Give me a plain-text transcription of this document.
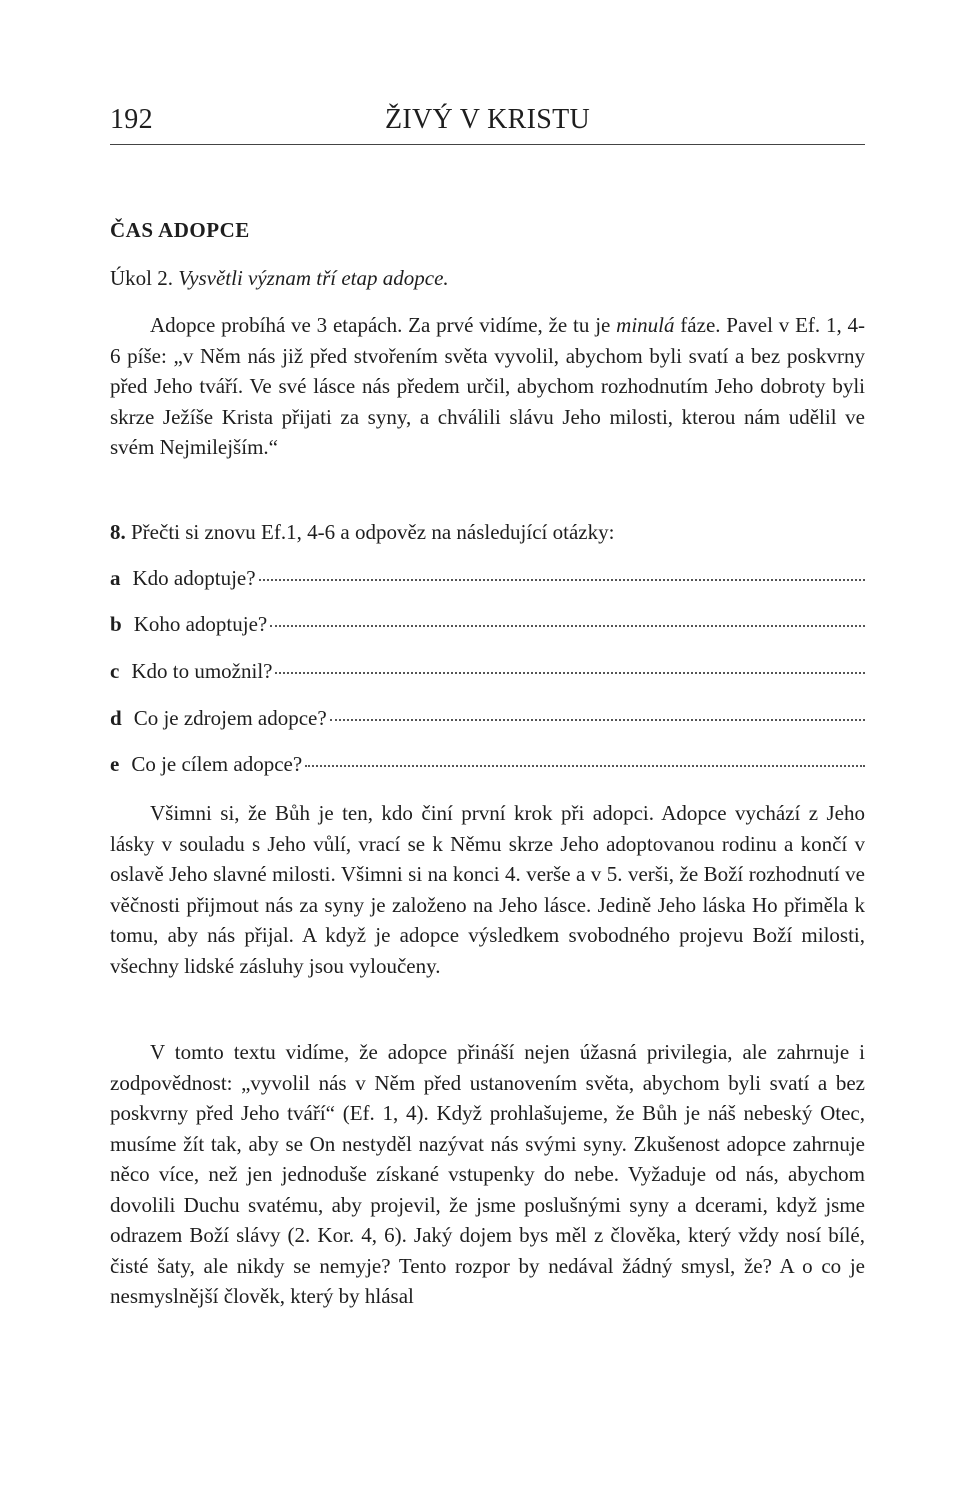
192	ŽIVÝ V KRISTU
ČAS ADOPCE
Úkol 2. Vysvětli význam tří etap adopce.

Adopce probíhá ve 3 etapách. Za prvé vidíme, že tu je minulá fáze. Pavel v Ef. 1, 4-6 píše: „v Něm nás již před stvořením světa vyvolil, abychom byli svatí a bez poskvrny před Jeho tváří. Ve své lásce nás předem určil, abychom rozhodnutím Jeho dobroty byli skrze Ježíše Krista přijati za syny, a chválili slávu Jeho milosti, kterou nám udělil ve svém Nejmilejším.“

8. Přečti si znovu Ef.1, 4-6 a odpověz na následující otázky:
a Kdo adoptuje?
b Koho adoptuje?
c Kdo to umožnil?
d Co je zdrojem adopce?
e Co je cílem adopce?

Všimni si, že Bůh je ten, kdo činí první krok při adopci. Adopce vychází z Jeho lásky v souladu s Jeho vůlí, vrací se k Němu skrze Jeho adoptovanou rodinu a končí v oslavě Jeho slavné milosti. Všimni si na konci 4. verše a v 5. verši, že Boží rozhodnutí ve věčnosti přijmout nás za syny je založeno na Jeho lásce. Jedině Jeho láska Ho přiměla k tomu, aby nás přijal. A když je adopce výsledkem svobodného projevu Boží milosti, všechny lidské zásluhy jsou vyloučeny.

V tomto textu vidíme, že adopce přináší nejen úžasná privilegia, ale zahrnuje i zodpovědnost: „vyvolil nás v Něm před ustanovením světa, abychom byli svatí a bez poskvrny před Jeho tváří“ (Ef. 1, 4). Když prohlašujeme, že Bůh je náš nebeský Otec, musíme žít tak, aby se On nestyděl nazývat nás svými syny. Zkušenost adopce zahrnuje něco více, než jen jednoduše získané vstupenky do nebe. Vyžaduje od nás, abychom dovolili Duchu svatému, aby projevil, že jsme poslušnými syny a dcerami, když jsme odrazem Boží slávy (2. Kor. 4, 6). Jaký dojem bys měl z člověka, který vždy nosí bílé, čisté šaty, ale nikdy se nemyje? Tento rozpor by nedával žádný smysl, že? A o co je nesmyslnější člověk, který by hlásal
